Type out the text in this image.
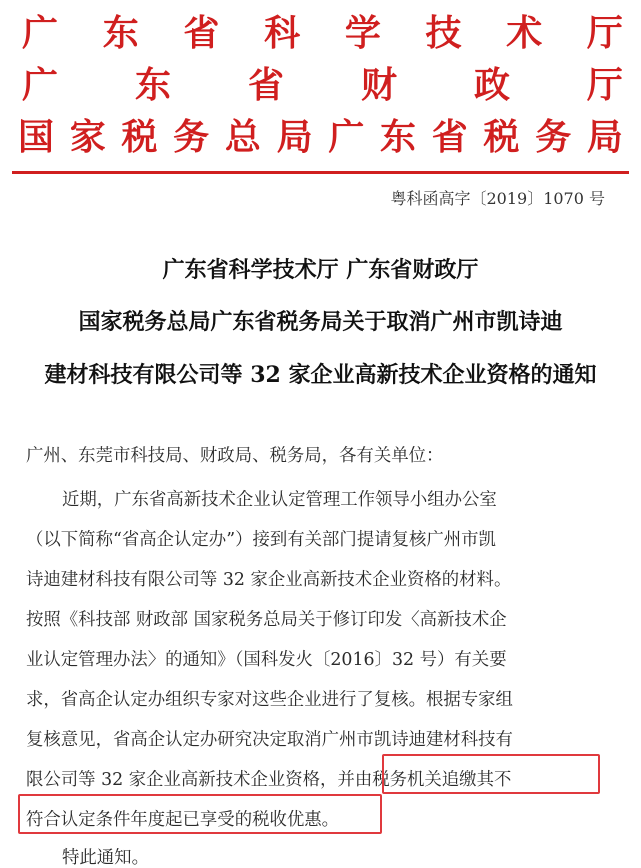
广 东 省 科 学 技 术 厅
广 东 省 财 政 厅
国 家 税 务 总 局 广 东 省 税 务 局
粤科函高字〔2019〕1070 号
广东省科学技术厅 广东省财政厅
国家税务总局广东省税务局关于取消广州市凯诗迪
建材科技有限公司等 32 家企业高新技术企业资格的通知
广州、东莞市科技局、财政局、税务局，各有关单位：
近期，广东省高新技术企业认定管理工作领导小组办公室
（以下简称“省高企认定办”）接到有关部门提请复核广州市凯
诗迪建材科技有限公司等 32 家企业高新技术企业资格的材料。
按照《科技部 财政部 国家税务总局关于修订印发〈高新技术企
业认定管理办法〉的通知》（国科发火〔2016〕32 号）有关要
求，省高企认定办组织专家对这些企业进行了复核。根据专家组
复核意见，省高企认定办研究决定取消广州市凯诗迪建材科技有
限公司等 32 家企业高新技术企业资格，并由税务机关追缴其不
符合认定条件年度起已享受的税收优惠。
特此通知。
